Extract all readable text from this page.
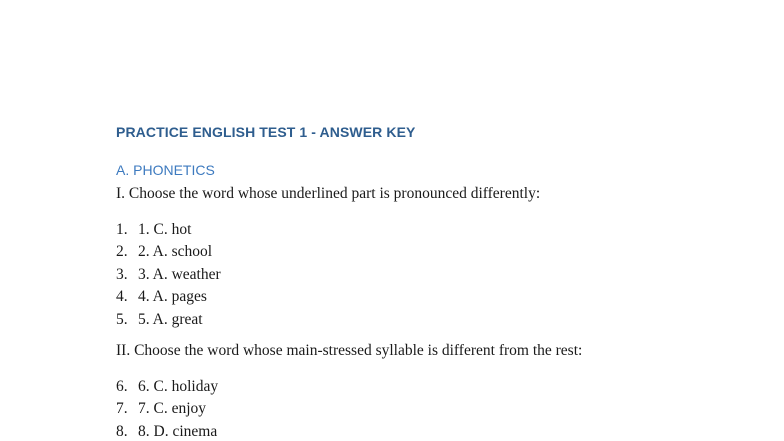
PRACTICE ENGLISH TEST 1 - ANSWER KEY
A. PHONETICS
I. Choose the word whose underlined part is pronounced differently:
1. 1. C. hot
2. 2. A. school
3. 3. A. weather
4. 4. A. pages
5. 5. A. great
II. Choose the word whose main-stressed syllable is different from the rest:
6. 6. C. holiday
7. 7. C. enjoy
8. 8. D. cinema
